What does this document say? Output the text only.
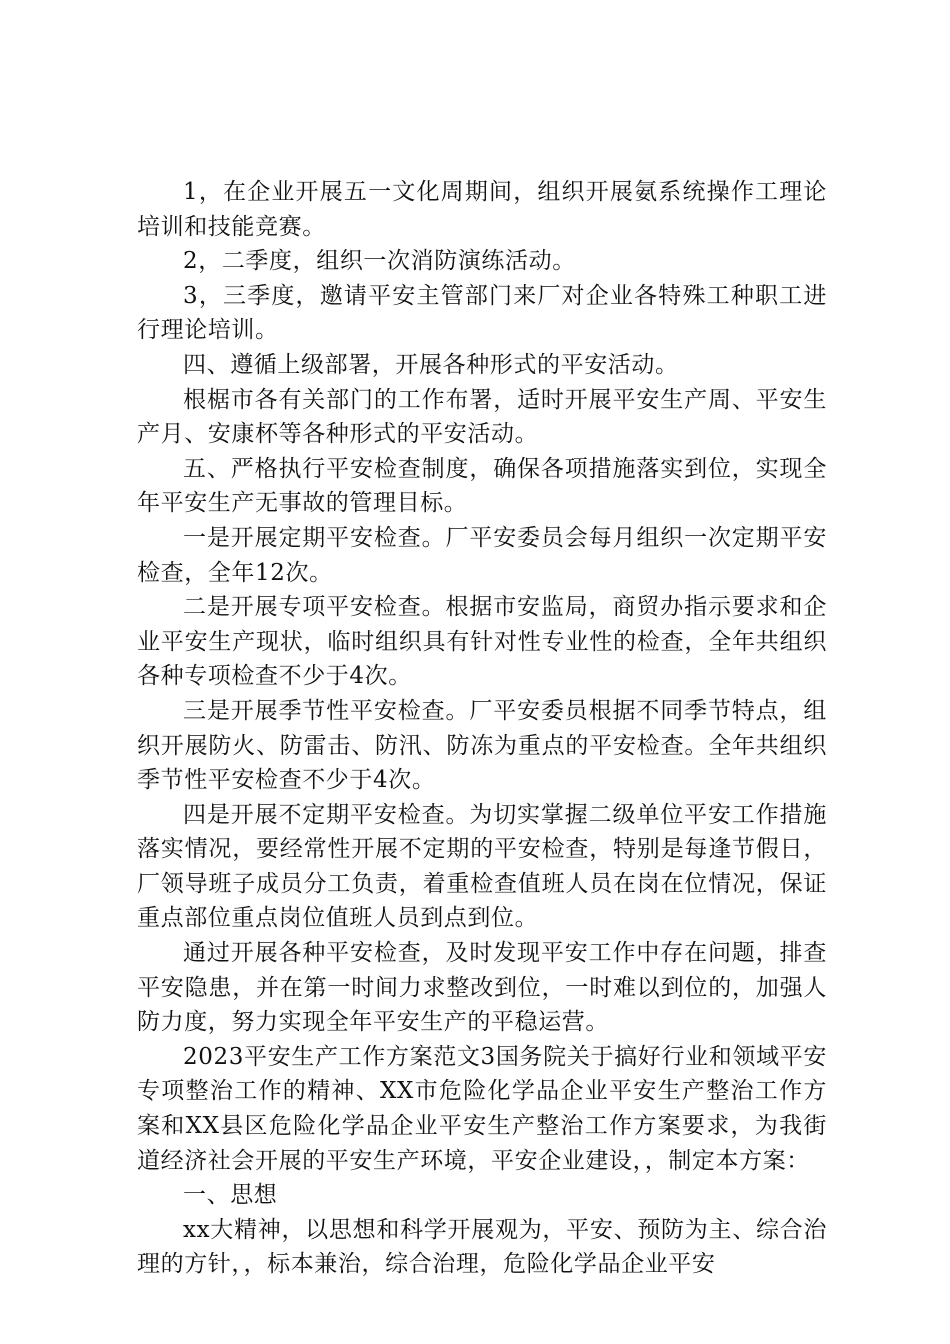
1，在企业开展五一文化周期间，组织开展氨系统操作工理论培训和技能竞赛。

2，二季度，组织一次消防演练活动。

3，三季度，邀请平安主管部门来厂对企业各特殊工种职工进行理论培训。

四、遵循上级部署，开展各种形式的平安活动。

根椐市各有关部门的工作布署，适时开展平安生产周、平安生产月、安康杯等各种形式的平安活动。

五、严格执行平安检查制度，确保各项措施落实到位，实现全年平安生产无事故的管理目标。

一是开展定期平安检查。厂平安委员会每月组织一次定期平安检查，全年12次。

二是开展专项平安检查。根据市安监局，商贸办指示要求和企业平安生产现状，临时组织具有针对性专业性的检查，全年共组织各种专项检查不少于4次。

三是开展季节性平安检查。厂平安委员根据不同季节特点，组织开展防火、防雷击、防汛、防冻为重点的平安检查。全年共组织季节性平安检查不少于4次。

四是开展不定期平安检查。为切实掌握二级单位平安工作措施落实情况，要经常性开展不定期的平安检查，特别是每逢节假日，厂领导班子成员分工负责，着重检查值班人员在岗在位情况，保证重点部位重点岗位值班人员到点到位。

通过开展各种平安检查，及时发现平安工作中存在问题，排查平安隐患，并在第一时间力求整改到位，一时难以到位的，加强人防力度，努力实现全年平安生产的平稳运营。

2023平安生产工作方案范文3国务院关于搞好行业和领域平安专项整治工作的精神、XX市危险化学品企业平安生产整治工作方案和XX县区危险化学品企业平安生产整治工作方案要求，为我街道经济社会开展的平安生产环境，平安企业建设，，制定本方案：

一、思想

xx大精神，以思想和科学开展观为，平安、预防为主、综合治理的方针，，标本兼治，综合治理，危险化学品企业平安
